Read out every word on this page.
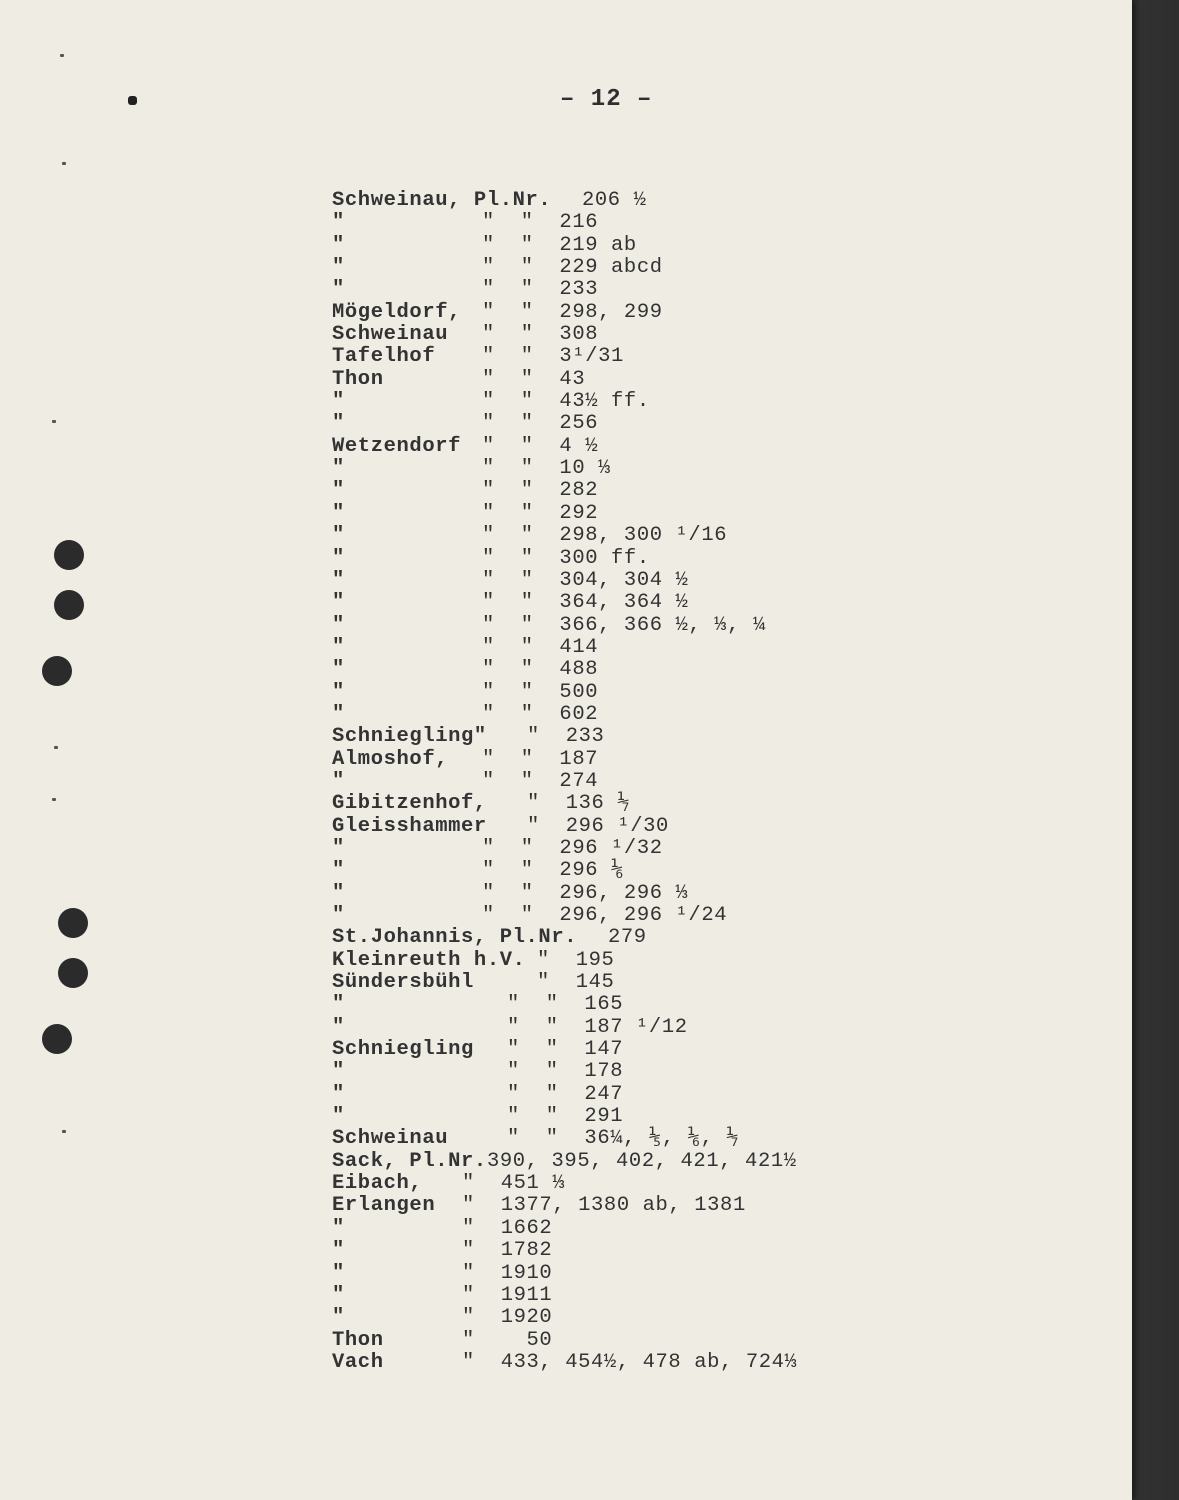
– 12 –
Schweinau, Pl.Nr. 206 ½
"	"  "  216
"	"  "  219 ab
"	"  "  229 abcd
"	"  "  233
Mögeldorf, "  "  298, 299
Schweinau "  "  308
Tafelhof "  "  3¹/31
Thon	"  "  43
"	"  "  43½ ff.
"	"  "  256
Wetzendorf "  "  4 ½
"	"  "  10 ⅓
"	"  "  282
"	"  "  292
"	"  "  298, 300 ¹/16
"	"  "  300 ff.
"	"  "  304, 304 ½
"	"  "  364, 364 ½
"	"  "  366, 366 ½, ⅓, ¼
"	"  "  414
"	"  "  488
"	"  "  500
"	"  "  602
Schniegling" "  233
Almoshof, "  "  187
"	"  "  274
Gibitzenhof, "  136 ⅐
Gleisshammer "  296 ¹/30
"	"  "  296 ¹/32
"	"  "  296 ⅙
"	"  "  296, 296 ⅓
"	"  "  296, 296 ¹/24
St.Johannis, Pl.Nr. 279
Kleinreuth h.V. "  195
Sündersbühl	"  145
"	"  "  165
"	"  "  187 ¹/12
Schniegling "  "  147
"	"  "  178
"	"  "  247
"	"  "  291
Schweinau	"  "  36¼, ⅕, ⅙, ⅐
Sack, Pl.Nr. 390, 395, 402, 421, 421½
Eibach, "  451 ⅓
Erlangen "  1377, 1380 ab, 1381
"	"  1662
"	"  1782
"	"  1910
"	"  1911
"	"  1920
Thon	"    50
Vach	"  433, 454½, 478 ab, 724⅓
